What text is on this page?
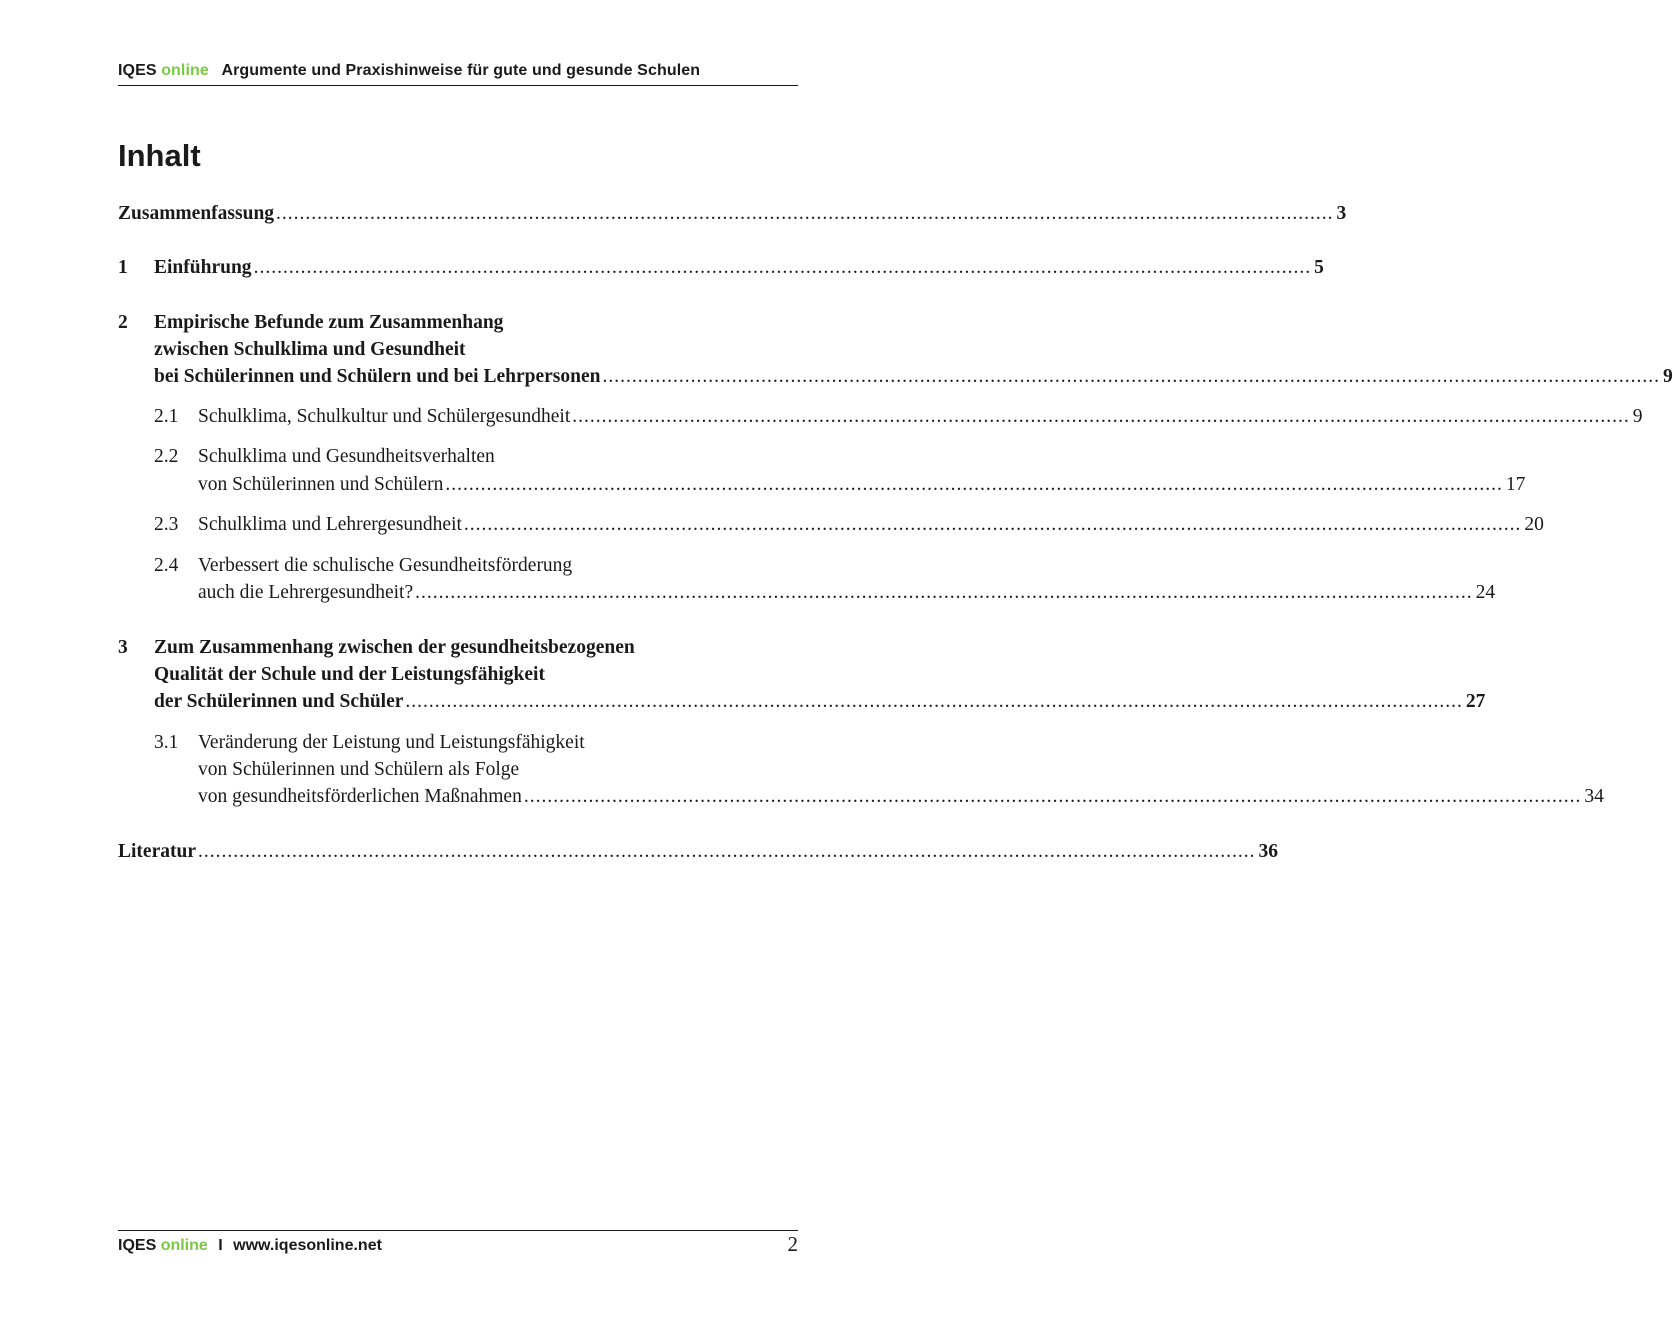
IQES online Argumente und Praxishinweise für gute und gesunde Schulen
Inhalt
Zusammenfassung .................................................................................................................................................................................... 3
1 Einführung .................................................................................................................................................................................... 5
2 Empirische Befunde zum Zusammenhang
zwischen Schulklima und Gesundheit
bei Schülerinnen und Schülern und bei Lehrpersonen .................................................................................................................................................................................... 9
2.1 Schulklima, Schulkultur und Schülergesundheit .................................................................................................................................................................................... 9
2.2 Schulklima und Gesundheitsverhalten
von Schülerinnen und Schülern .................................................................................................................................................................................... 17
2.3 Schulklima und Lehrergesundheit .................................................................................................................................................................................... 20
2.4 Verbessert die schulische Gesundheitsförderung
auch die Lehrergesundheit? .................................................................................................................................................................................... 24
3 Zum Zusammenhang zwischen der gesundheitsbezogenen
Qualität der Schule und der Leistungsfähigkeit
der Schülerinnen und Schüler .................................................................................................................................................................................... 27
3.1 Veränderung der Leistung und Leistungsfähigkeit
von Schülerinnen und Schülern als Folge
von gesundheitsförderlichen Maßnahmen .................................................................................................................................................................................... 34
Literatur .................................................................................................................................................................................... 36
IQES online I www.iqesonline.net	2
